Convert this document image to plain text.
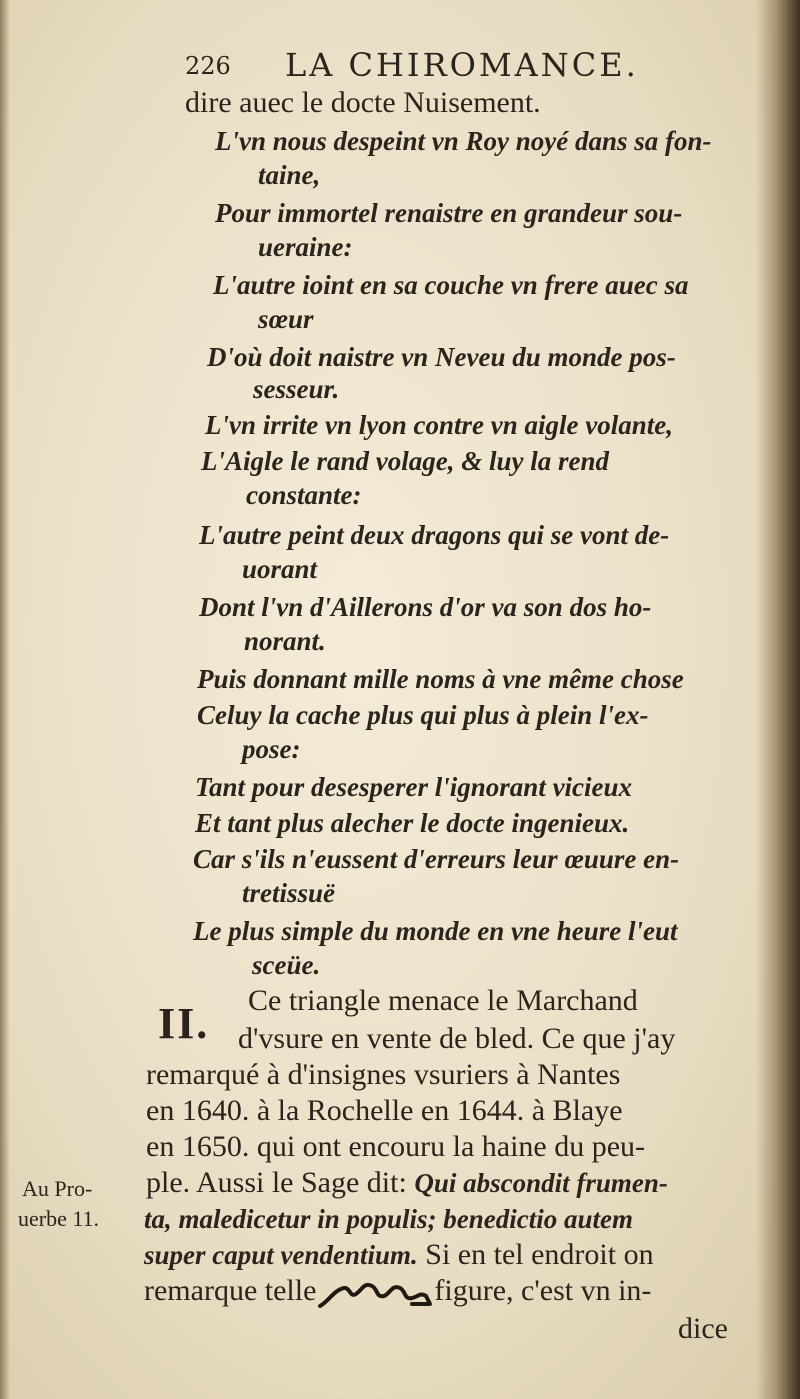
226 LA CHIROMANCE.
dire auec le docte Nuisement.
L'vn nous despeint vn Roy noyé dans sa fon-
taine,
Pour immortel renaistre en grandeur sou-
ueraine:
L'autre ioint en sa couche vn frere auec sa
sœur
D'où doit naistre vn Neveu du monde pos-
sesseur.
L'vn irrite vn lyon contre vn aigle volante,
L'Aigle le rand volage, & luy la rend
constante:
L'autre peint deux dragons qui se vont de-
uorant
Dont l'vn d'Aillerons d'or va son dos ho-
norant.
Puis donnant mille noms à vne même chose
Celuy la cache plus qui plus à plein l'ex-
pose:
Tant pour desesperer l'ignorant vicieux
Et tant plus alecher le docte ingenieux.
Car s'ils n'eussent d'erreurs leur œuure en-
tretissuë
Le plus simple du monde en vne heure l'eut
sceüe.
II. Ce triangle menace le Marchand
d'vsure en vente de bled. Ce que j'ay
remarqué à d'insignes vsuriers à Nantes
en 1640. à la Rochelle en 1644. à Blaye
en 1650. qui ont encouru la haine du peu-
ple. Aussi le Sage dit: Qui abscondit frumen-
ta, maledicetur in populis; benedictio autem
super caput vendentium. Si en tel endroit on
remarque telle	figure, c'est vn in-
dice
Au Pro-
uerbe 11.
